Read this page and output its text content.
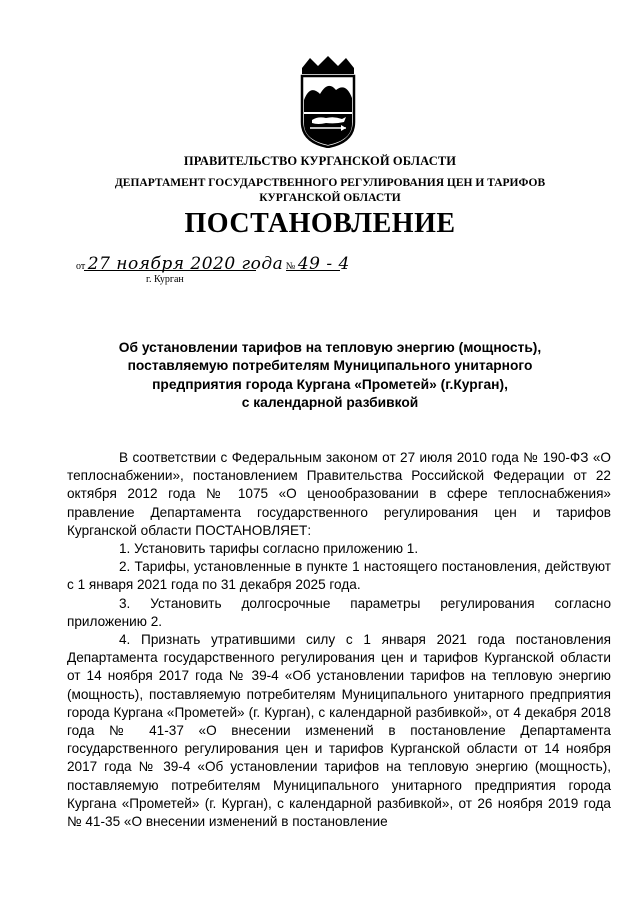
ПРАВИТЕЛЬСТВО КУРГАНСКОЙ ОБЛАСТИ
ДЕПАРТАМЕНТ ГОСУДАРСТВЕННОГО РЕГУЛИРОВАНИЯ ЦЕН И ТАРИФОВ
КУРГАНСКОЙ ОБЛАСТИ
ПОСТАНОВЛЕНИЕ
от 27 ноября 2020 года № 49 - 4
г. Курган
Об установлении тарифов на тепловую энергию (мощность),
поставляемую потребителям Муниципального унитарного
предприятия города Кургана «Прометей» (г.Курган),
с календарной разбивкой

В соответствии с Федеральным законом от 27 июля 2010 года № 190-ФЗ «О теплоснабжении», постановлением Правительства Российской Федерации от 22 октября 2012 года № 1075 «О ценообразовании в сфере теплоснабжения» правление Департамента государственного регулирования цен и тарифов Курганской области ПОСТАНОВЛЯЕТ:

1. Установить тарифы согласно приложению 1.

2. Тарифы, установленные в пункте 1 настоящего постановления, действуют с 1 января 2021 года по 31 декабря 2025 года.

3. Установить долгосрочные параметры регулирования согласно приложению 2.

4. Признать утратившими силу с 1 января 2021 года постановления Департамента государственного регулирования цен и тарифов Курганской области от 14 ноября 2017 года № 39-4 «Об установлении тарифов на тепловую энергию (мощность), поставляемую потребителям Муниципального унитарного предприятия города Кургана «Прометей» (г. Курган), с календарной разбивкой», от 4 декабря 2018 года № 41-37 «О внесении изменений в постановление Департамента государственного регулирования цен и тарифов Курганской области от 14 ноября 2017 года № 39-4 «Об установлении тарифов на тепловую энергию (мощность), поставляемую потребителям Муниципального унитарного предприятия города Кургана «Прометей» (г. Курган), с календарной разбивкой», от 26 ноября 2019 года № 41-35 «О внесении изменений в постановление
